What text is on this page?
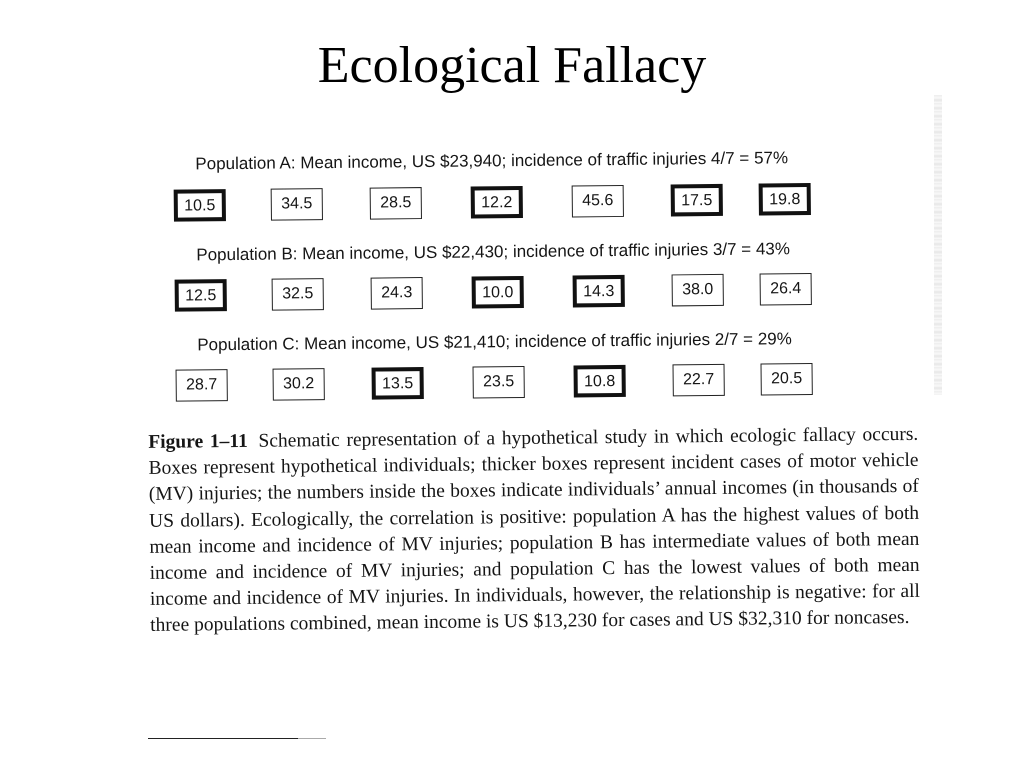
Ecological Fallacy
Population A: Mean income, US $23,940; incidence of traffic injuries 4/7 = 57%
10.5	34.5	28.5	12.2	45.6	17.5	19.8
Population B: Mean income, US $22,430; incidence of traffic injuries 3/7 = 43%
12.5	32.5	24.3	10.0	14.3	38.0	26.4
Population C: Mean income, US $21,410; incidence of traffic injuries 2/7 = 29%
28.7	30.2	13.5	23.5	10.8	22.7	20.5

Figure 1–11 Schematic representation of a hypothetical study in which ecologic fallacy occurs. Boxes represent hypothetical individuals; thicker boxes represent incident cases of motor vehicle (MV) injuries; the numbers inside the boxes indicate individuals’ annual incomes (in thousands of US dollars). Ecologically, the correlation is positive: population A has the highest values of both mean income and incidence of MV injuries; population B has intermediate values of both mean income and incidence of MV injuries; and population C has the lowest values of both mean income and incidence of MV injuries. In individuals, however, the relationship is negative: for all three populations combined, mean income is US $13,230 for cases and US $32,310 for noncases.
